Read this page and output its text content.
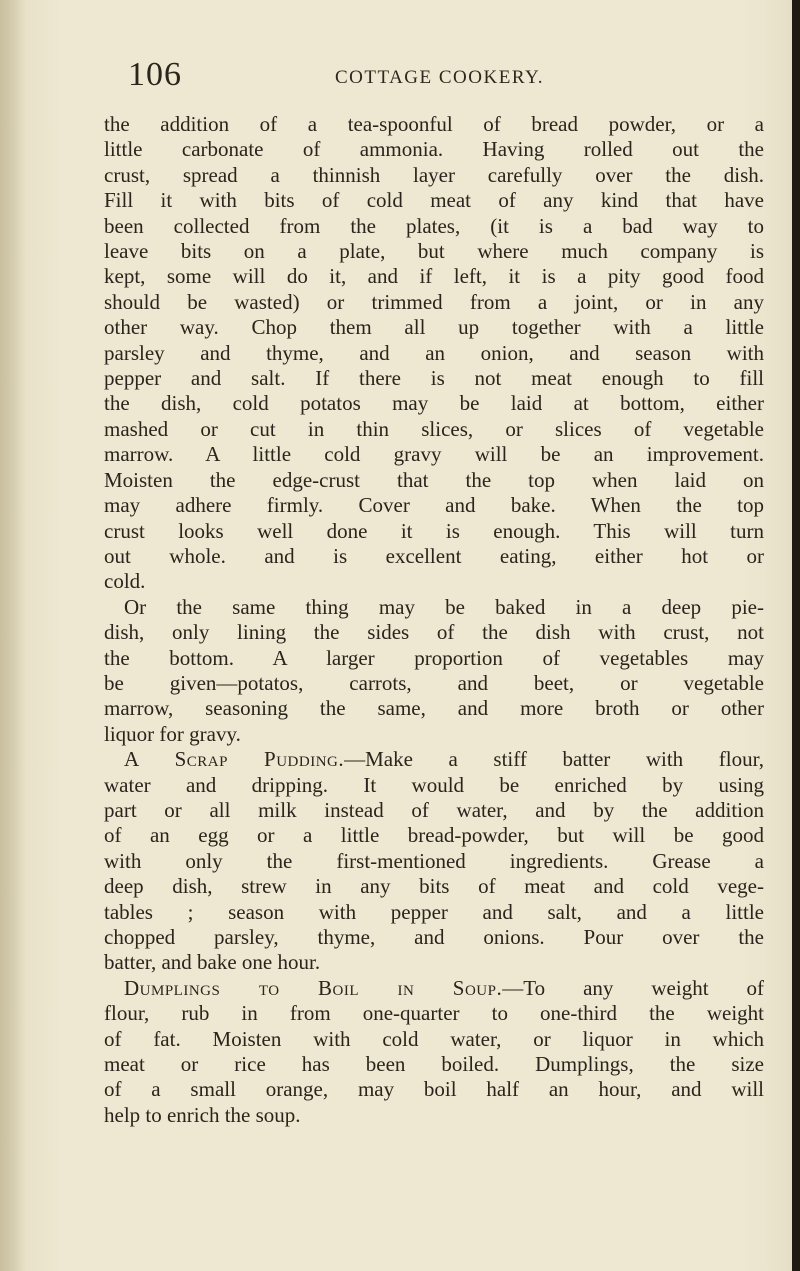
106	COTTAGE COOKERY.
the addition of a tea-spoonful of bread powder, or a
little carbonate of ammonia. Having rolled out the
crust, spread a thinnish layer carefully over the dish.
Fill it with bits of cold meat of any kind that have
been collected from the plates, (it is a bad way to
leave bits on a plate, but where much company is
kept, some will do it, and if left, it is a pity good food
should be wasted) or trimmed from a joint, or in any
other way. Chop them all up together with a little
parsley and thyme, and an onion, and season with
pepper and salt. If there is not meat enough to fill
the dish, cold potatos may be laid at bottom, either
mashed or cut in thin slices, or slices of vegetable
marrow. A little cold gravy will be an improvement.
Moisten the edge-crust that the top when laid on
may adhere firmly. Cover and bake. When the top
crust looks well done it is enough. This will turn
out whole. and is excellent eating, either hot or
cold.
Or the same thing may be baked in a deep pie-
dish, only lining the sides of the dish with crust, not
the bottom. A larger proportion of vegetables may
be given—potatos, carrots, and beet, or vegetable
marrow, seasoning the same, and more broth or other
liquor for gravy.
A Scrap Pudding.—Make a stiff batter with flour,
water and dripping. It would be enriched by using
part or all milk instead of water, and by the addition
of an egg or a little bread-powder, but will be good
with only the first-mentioned ingredients. Grease a
deep dish, strew in any bits of meat and cold vege-
tables ; season with pepper and salt, and a little
chopped parsley, thyme, and onions. Pour over the
batter, and bake one hour.
Dumplings to Boil in Soup.—To any weight of
flour, rub in from one-quarter to one-third the weight
of fat. Moisten with cold water, or liquor in which
meat or rice has been boiled. Dumplings, the size
of a small orange, may boil half an hour, and will
help to enrich the soup.
